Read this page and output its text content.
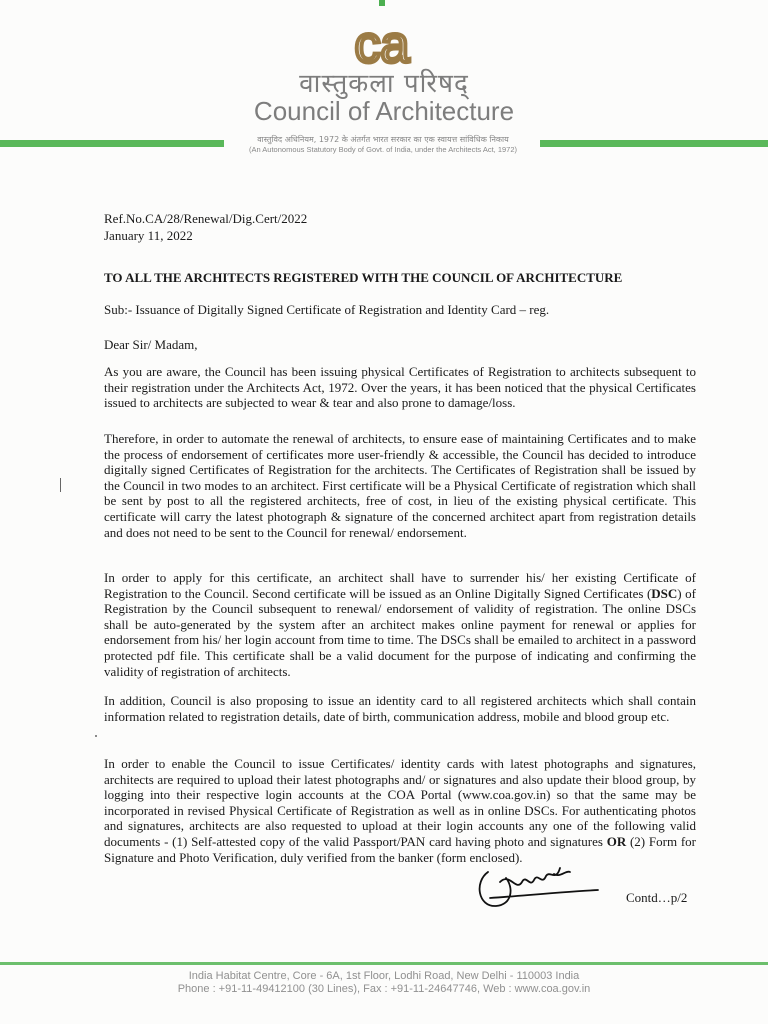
ca
वास्तुकला परिषद्
Council of Architecture
वास्तुविद अधिनियम, 1972 के अंतर्गत भारत सरकार का एक स्वायत्त सांविधिक निकाय
(An Autonomous Statutory Body of Govt. of India, under the Architects Act, 1972)
Ref.No.CA/28/Renewal/Dig.Cert/2022
January 11, 2022
TO ALL THE ARCHITECTS REGISTERED WITH THE COUNCIL OF ARCHITECTURE
Sub:- Issuance of Digitally Signed Certificate of Registration and Identity Card – reg.
Dear Sir/ Madam,

As you are aware, the Council has been issuing physical Certificates of Registration to architects subsequent to their registration under the Architects Act, 1972. Over the years, it has been noticed that the physical Certificates issued to architects are subjected to wear & tear and also prone to damage/loss.

Therefore, in order to automate the renewal of architects, to ensure ease of maintaining Certificates and to make the process of endorsement of certificates more user-friendly & accessible, the Council has decided to introduce digitally signed Certificates of Registration for the architects. The Certificates of Registration shall be issued by the Council in two modes to an architect. First certificate will be a Physical Certificate of registration which shall be sent by post to all the registered architects, free of cost, in lieu of the existing physical certificate. This certificate will carry the latest photograph & signature of the concerned architect apart from registration details and does not need to be sent to the Council for renewal/ endorsement.

In order to apply for this certificate, an architect shall have to surrender his/ her existing Certificate of Registration to the Council. Second certificate will be issued as an Online Digitally Signed Certificates (DSC) of Registration by the Council subsequent to renewal/ endorsement of validity of registration. The online DSCs shall be auto-generated by the system after an architect makes online payment for renewal or applies for endorsement from his/ her login account from time to time. The DSCs shall be emailed to architect in a password protected pdf file. This certificate shall be a valid document for the purpose of indicating and confirming the validity of registration of architects.

In addition, Council is also proposing to issue an identity card to all registered architects which shall contain information related to registration details, date of birth, communication address, mobile and blood group etc.

In order to enable the Council to issue Certificates/ identity cards with latest photographs and signatures, architects are required to upload their latest photographs and/ or signatures and also update their blood group, by logging into their respective login accounts at the COA Portal (www.coa.gov.in) so that the same may be incorporated in revised Physical Certificate of Registration as well as in online DSCs. For authenticating photos and signatures, architects are also requested to upload at their login accounts any one of the following valid documents - (1) Self-attested copy of the valid Passport/PAN card having photo and signatures OR (2) Form for Signature and Photo Verification, duly verified from the banker (form enclosed).

Contd…p/2
India Habitat Centre, Core - 6A, 1st Floor, Lodhi Road, New Delhi - 110003 India
Phone : +91-11-49412100 (30 Lines), Fax : +91-11-24647746, Web : www.coa.gov.in
